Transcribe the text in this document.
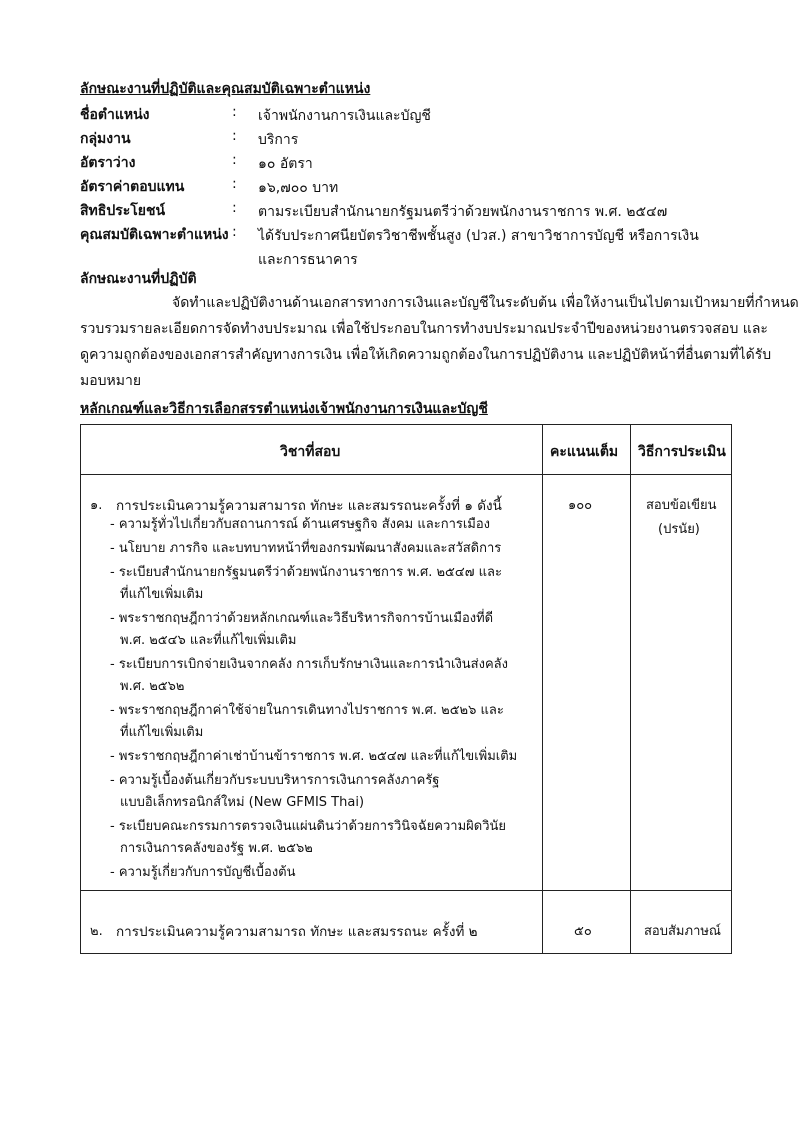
ลักษณะงานที่ปฏิบัติและคุณสมบัติเฉพาะตำแหน่ง
ชื่อตำแหน่ง	: เจ้าพนักงานการเงินและบัญชี
กลุ่มงาน	: บริการ
อัตราว่าง	: ๑๐ อัตรา
อัตราค่าตอบแทน	: ๑๖,๗๐๐ บาท
สิทธิประโยชน์	: ตามระเบียบสำนักนายกรัฐมนตรีว่าด้วยพนักงานราชการ พ.ศ. ๒๕๔๗
คุณสมบัติเฉพาะตำแหน่ง : ได้รับประกาศนียบัตรวิชาชีพชั้นสูง (ปวส.) สาขาวิชาการบัญชี หรือการเงิน
และการธนาคาร
ลักษณะงานที่ปฏิบัติ
จัดทำและปฏิบัติงานด้านเอกสารทางการเงินและบัญชีในระดับต้น เพื่อให้งานเป็นไปตามเป้าหมายที่กำหนด
รวบรวมรายละเอียดการจัดทำงบประมาณ เพื่อใช้ประกอบในการทำงบประมาณประจำปีของหน่วยงานตรวจสอบ และ
ดูความถูกต้องของเอกสารสำคัญทางการเงิน เพื่อให้เกิดความถูกต้องในการปฏิบัติงาน และปฏิบัติหน้าที่อื่นตามที่ได้รับ
มอบหมาย
หลักเกณฑ์และวิธีการเลือกสรรตำแหน่งเจ้าพนักงานการเงินและบัญชี
วิชาที่สอบ	คะแนนเต็ม วิธีการประเมิน
๑. การประเมินความรู้ความสามารถ ทักษะ และสมรรถนะครั้งที่ ๑ ดังนี้	๑๐๐	สอบข้อเขียน
(ปรนัย)
- ความรู้ทั่วไปเกี่ยวกับสถานการณ์ ด้านเศรษฐกิจ สังคม และการเมือง
- นโยบาย ภารกิจ และบทบาทหน้าที่ของกรมพัฒนาสังคมและสวัสดิการ
- ระเบียบสำนักนายกรัฐมนตรีว่าด้วยพนักงานราชการ พ.ศ. ๒๕๔๗ และ
ที่แก้ไขเพิ่มเติม
- พระราชกฤษฎีกาว่าด้วยหลักเกณฑ์และวิธีบริหารกิจการบ้านเมืองที่ดี
พ.ศ. ๒๕๔๖ และที่แก้ไขเพิ่มเติม
- ระเบียบการเบิกจ่ายเงินจากคลัง การเก็บรักษาเงินและการนำเงินส่งคลัง
พ.ศ. ๒๕๖๒
- พระราชกฤษฎีกาค่าใช้จ่ายในการเดินทางไปราชการ พ.ศ. ๒๕๒๖ และ
ที่แก้ไขเพิ่มเติม
- พระราชกฤษฎีกาค่าเช่าบ้านข้าราชการ พ.ศ. ๒๕๔๗ และที่แก้ไขเพิ่มเติม
- ความรู้เบื้องต้นเกี่ยวกับระบบบริหารการเงินการคลังภาครัฐ
แบบอิเล็กทรอนิกส์ใหม่ (New GFMIS Thai)
- ระเบียบคณะกรรมการตรวจเงินแผ่นดินว่าด้วยการวินิจฉัยความผิดวินัย
การเงินการคลังของรัฐ พ.ศ. ๒๕๖๒
- ความรู้เกี่ยวกับการบัญชีเบื้องต้น
๒. การประเมินความรู้ความสามารถ ทักษะ และสมรรถนะ ครั้งที่ ๒	๕๐	สอบสัมภาษณ์
